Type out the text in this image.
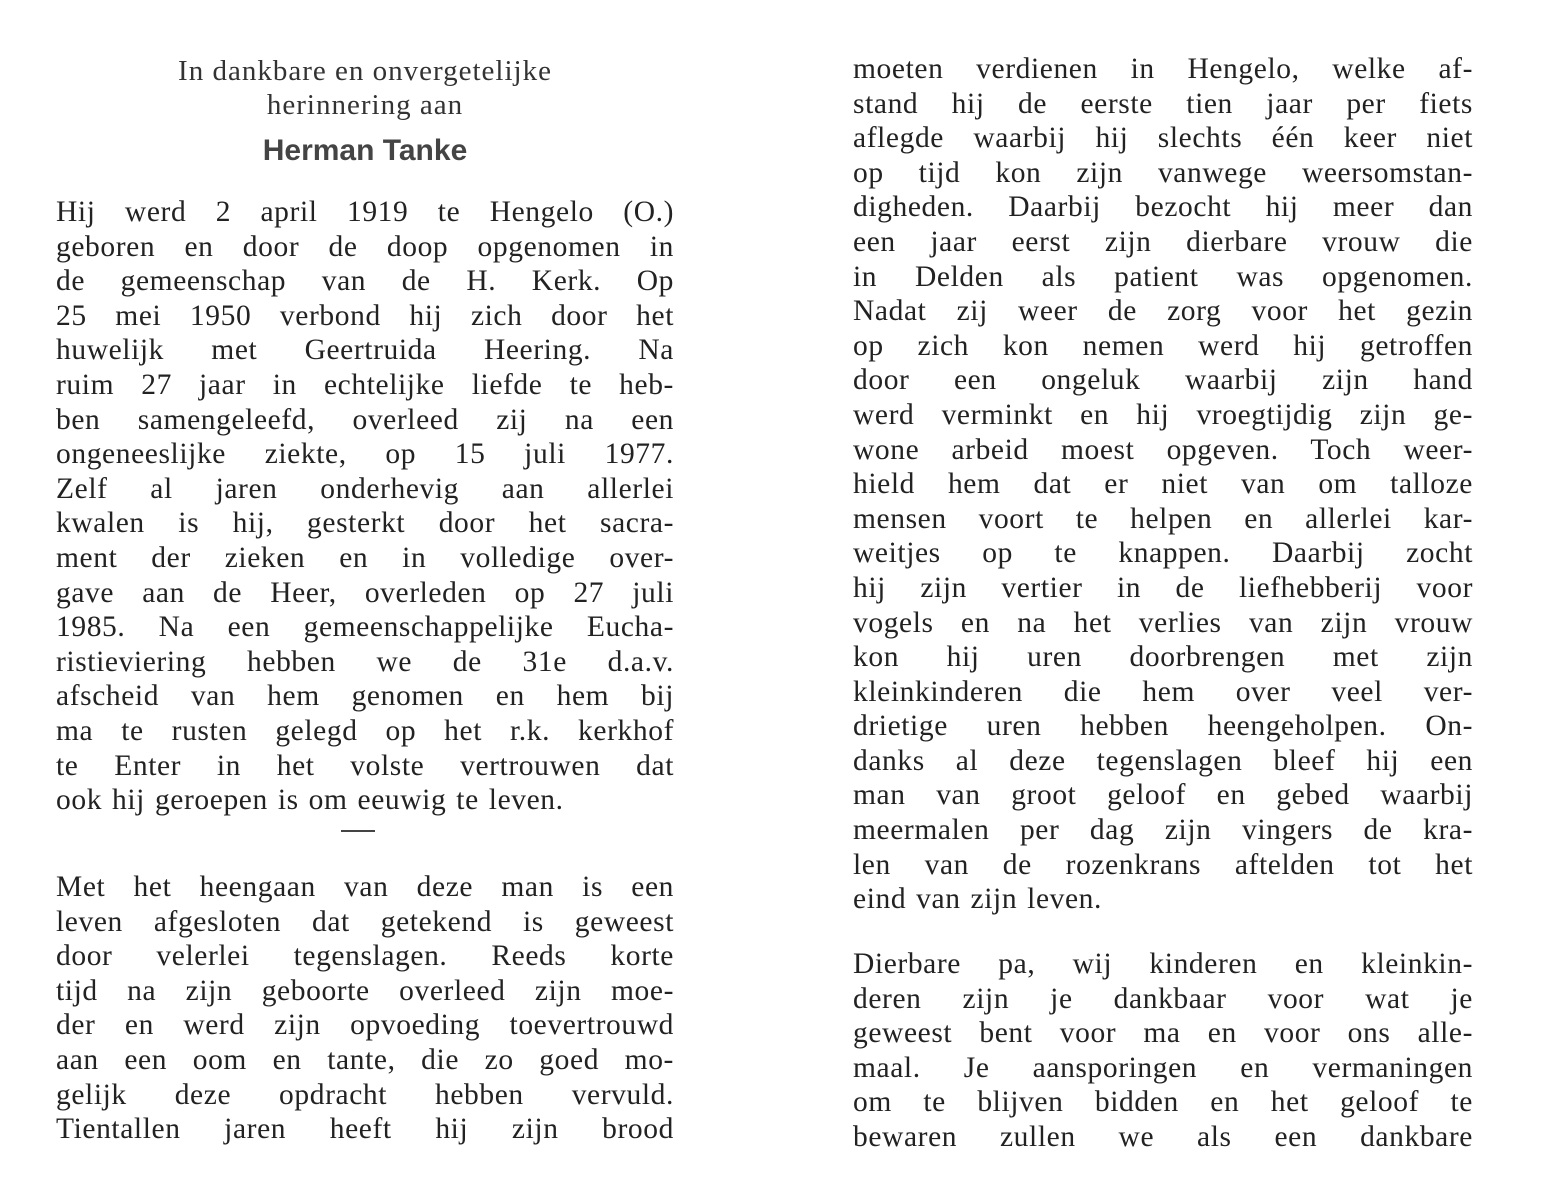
In dankbare en onvergetelijke
herinnering aan
Herman Tanke
Hij werd 2 april 1919 te Hengelo (O.)
geboren en door de doop opgenomen in
de gemeenschap van de H. Kerk. Op
25 mei 1950 verbond hij zich door het
huwelijk met Geertruida Heering. Na
ruim 27 jaar in echtelijke liefde te heb-
ben samengeleefd, overleed zij na een
ongeneeslijke ziekte, op 15 juli 1977.
Zelf al jaren onderhevig aan allerlei
kwalen is hij, gesterkt door het sacra-
ment der zieken en in volledige over-
gave aan de Heer, overleden op 27 juli
1985. Na een gemeenschappelijke Eucha-
ristieviering hebben we de 31e d.a.v.
afscheid van hem genomen en hem bij
ma te rusten gelegd op het r.k. kerkhof
te Enter in het volste vertrouwen dat
ook hij geroepen is om eeuwig te leven.
Met het heengaan van deze man is een
leven afgesloten dat getekend is geweest
door velerlei tegenslagen. Reeds korte
tijd na zijn geboorte overleed zijn moe-
der en werd zijn opvoeding toevertrouwd
aan een oom en tante, die zo goed mo-
gelijk deze opdracht hebben vervuld.
Tientallen jaren heeft hij zijn brood
moeten verdienen in Hengelo, welke af-
stand hij de eerste tien jaar per fiets
aflegde waarbij hij slechts één keer niet
op tijd kon zijn vanwege weersomstan-
digheden. Daarbij bezocht hij meer dan
een jaar eerst zijn dierbare vrouw die
in Delden als patient was opgenomen.
Nadat zij weer de zorg voor het gezin
op zich kon nemen werd hij getroffen
door een ongeluk waarbij zijn hand
werd verminkt en hij vroegtijdig zijn ge-
wone arbeid moest opgeven. Toch weer-
hield hem dat er niet van om talloze
mensen voort te helpen en allerlei kar-
weitjes op te knappen. Daarbij zocht
hij zijn vertier in de liefhebberij voor
vogels en na het verlies van zijn vrouw
kon hij uren doorbrengen met zijn
kleinkinderen die hem over veel ver-
drietige uren hebben heengeholpen. On-
danks al deze tegenslagen bleef hij een
man van groot geloof en gebed waarbij
meermalen per dag zijn vingers de kra-
len van de rozenkrans aftelden tot het
eind van zijn leven.
Dierbare pa, wij kinderen en kleinkin-
deren zijn je dankbaar voor wat je
geweest bent voor ma en voor ons alle-
maal. Je aansporingen en vermaningen
om te blijven bidden en het geloof te
bewaren zullen we als een dankbare
